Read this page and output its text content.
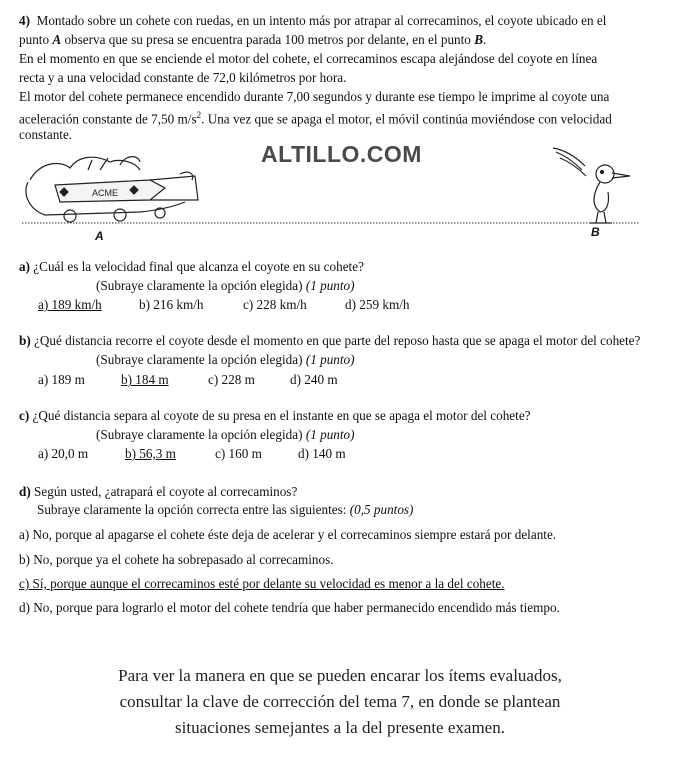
4) Montado sobre un cohete con ruedas, en un intento más por atrapar al correcaminos, el coyote ubicado en el
punto A observa que su presa se encuentra parada 100 metros por delante, en el punto B.
En el momento en que se enciende el motor del cohete, el correcaminos escapa alejándose del coyote en línea
recta y a una velocidad constante de 72,0 kilómetros por hora.
El motor del cohete permanece encendido durante 7,00 segundos y durante ese tiempo le imprime al coyote una
aceleración constante de 7,50 $m/s^2$. Una vez que se apaga el motor, el móvil continúa moviéndose con velocidad
constante.
ACME
ALTILLO.COM
A	B
a) ¿Cuál es la velocidad final que alcanza el coyote en su cohete?
(Subraye claramente la opción elegida) (1 punto)
a) 189 km/h	b) 216 km/h	c) 228 km/h	d) 259 km/h
b) ¿Qué distancia recorre el coyote desde el momento en que parte del reposo hasta que se apaga el motor del cohete?
(Subraye claramente la opción elegida) (1 punto)
a) 189 m	b) 184 m	c) 228 m	d) 240 m
c) ¿Qué distancia separa al coyote de su presa en el instante en que se apaga el motor del cohete?
(Subraye claramente la opción elegida) (1 punto)
a) 20,0 m	b) 56,3 m	c) 160 m	d) 140 m
d) Según usted, ¿atrapará el coyote al correcaminos?
Subraye claramente la opción correcta entre las siguientes: (0,5 puntos)
a) No, porque al apagarse el cohete éste deja de acelerar y el correcaminos siempre estará por delante.
b) No, porque ya el cohete ha sobrepasado al correcaminos.
c) Sí, porque aunque el correcaminos esté por delante su velocidad es menor a la del cohete.
d) No, porque para lograrlo el motor del cohete tendría que haber permanecido encendido más tiempo.
Para ver la manera en que se pueden encarar los ítems evaluados,
consultar la clave de corrección del tema 7, en donde se plantean
situaciones semejantes a la del presente examen.
